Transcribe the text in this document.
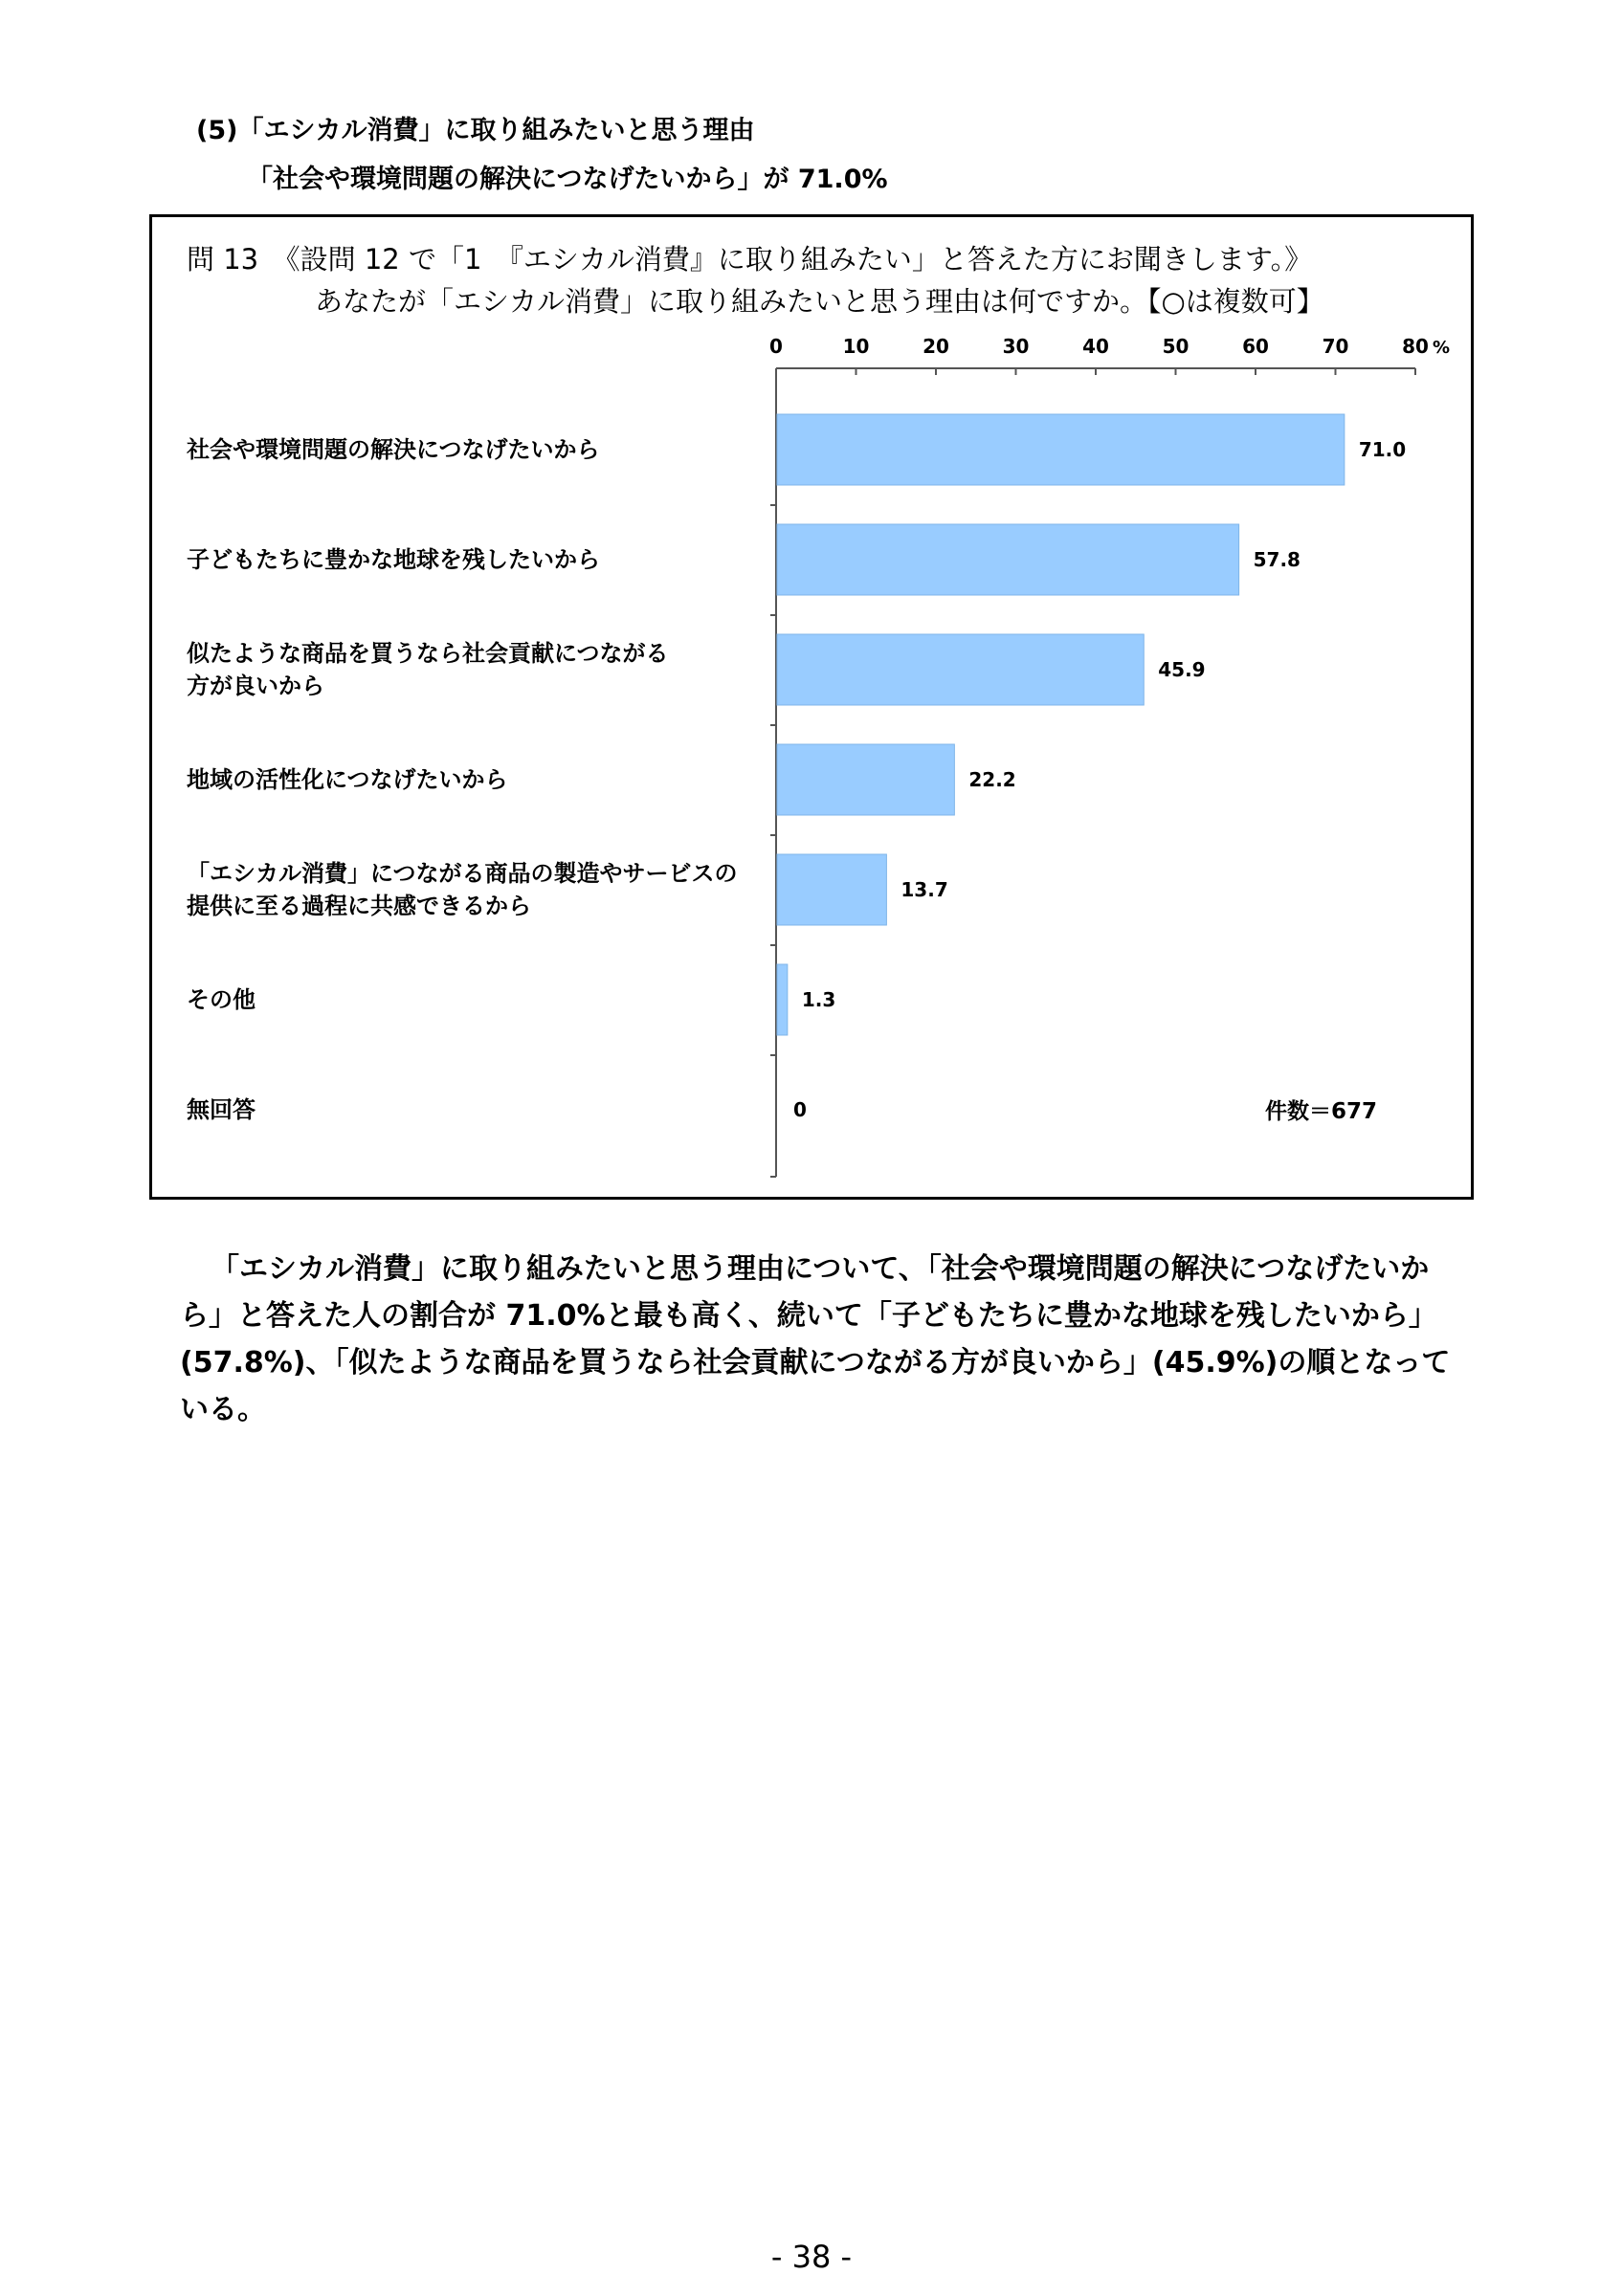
(5)「エシカル消費」に取り組みたいと思う理由
「社会や環境問題の解決につなげたいから」が 71.0%
問 13　《設問 12 で「1　『エシカル消費』に取り組みたい」と答えた方にお聞きします。》
あなたが「エシカル消費」に取り組みたいと思う理由は何ですか。【○は複数可】
0	10	20	30	40	50	60	70	80 %
71.0
社会や環境問題の解決につなげたいから
57.8
子どもたちに豊かな地球を残したいから
45.9
似たような商品を買うなら社会貢献につながる
方が良いから
22.2
地域の活性化につなげたいから
13.7
「エシカル消費」につながる商品の製造やサービスの
提供に至る過程に共感できるから
1.3
その他
0
無回答	件数＝677

「エシカル消費」に取り組みたいと思う理由について、「社会や環境問題の解決につなげたいから」と答えた人の割合が 71.0%と最も高く、続いて「子どもたちに豊かな地球を残したいから」(57.8%)、「似たような商品を買うなら社会貢献につながる方が良いから」(45.9%)の順となっている。

- 38 -
